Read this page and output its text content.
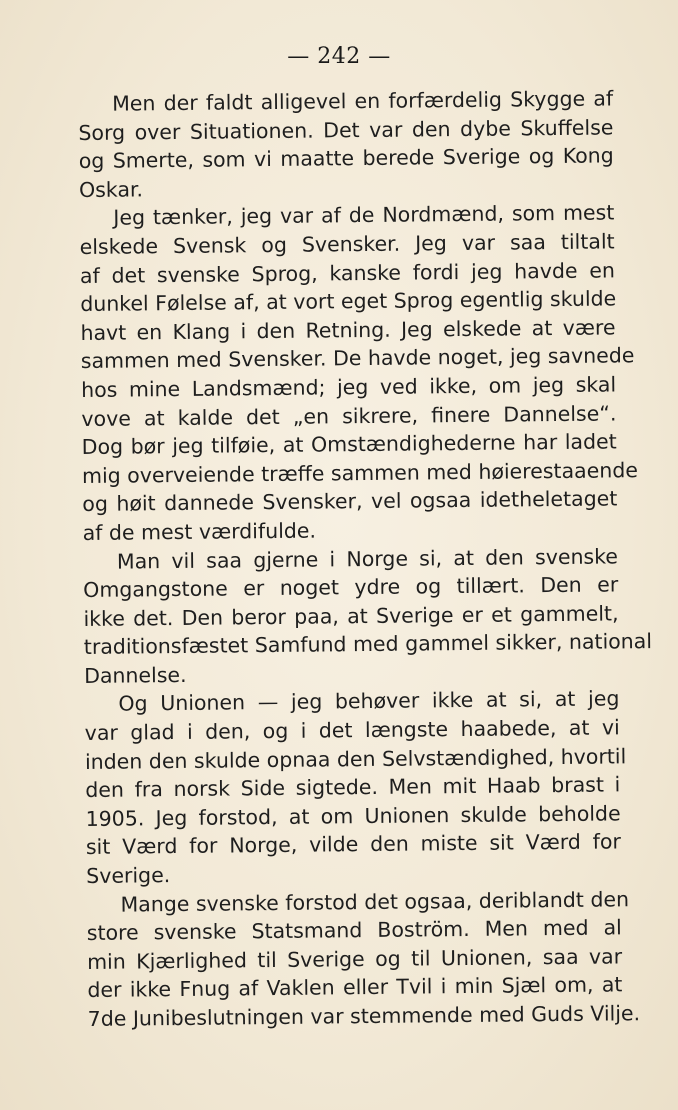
— 242 —
Men der faldt alligevel en forfærdelig Skygge af
Sorg over Situationen. Det var den dybe Skuffelse
og Smerte, som vi maatte berede Sverige og Kong
Oskar.
Jeg tænker, jeg var af de Nordmænd, som mest
elskede Svensk og Svensker. Jeg var saa tiltalt
af det svenske Sprog, kanske fordi jeg havde en
dunkel Følelse af, at vort eget Sprog egentlig skulde
havt en Klang i den Retning. Jeg elskede at være
sammen med Svensker. De havde noget, jeg savnede
hos mine Landsmænd; jeg ved ikke, om jeg skal
vove at kalde det „en sikrere, finere Dannelse“.
Dog bør jeg tilføie, at Omstændighederne har ladet
mig overveiende træffe sammen med høierestaaende
og høit dannede Svensker, vel ogsaa idetheletaget
af de mest værdifulde.
Man vil saa gjerne i Norge si, at den svenske
Omgangstone er noget ydre og tillært. Den er
ikke det. Den beror paa, at Sverige er et gammelt,
traditionsfæstet Samfund med gammel sikker, national
Dannelse.
Og Unionen — jeg behøver ikke at si, at jeg
var glad i den, og i det længste haabede, at vi
inden den skulde opnaa den Selvstændighed, hvortil
den fra norsk Side sigtede. Men mit Haab brast i
1905. Jeg forstod, at om Unionen skulde beholde
sit Værd for Norge, vilde den miste sit Værd for
Sverige.
Mange svenske forstod det ogsaa, deriblandt den
store svenske Statsmand Boström. Men med al
min Kjærlighed til Sverige og til Unionen, saa var
der ikke Fnug af Vaklen eller Tvil i min Sjæl om, at
7de Junibeslutningen var stemmende med Guds Vilje.
